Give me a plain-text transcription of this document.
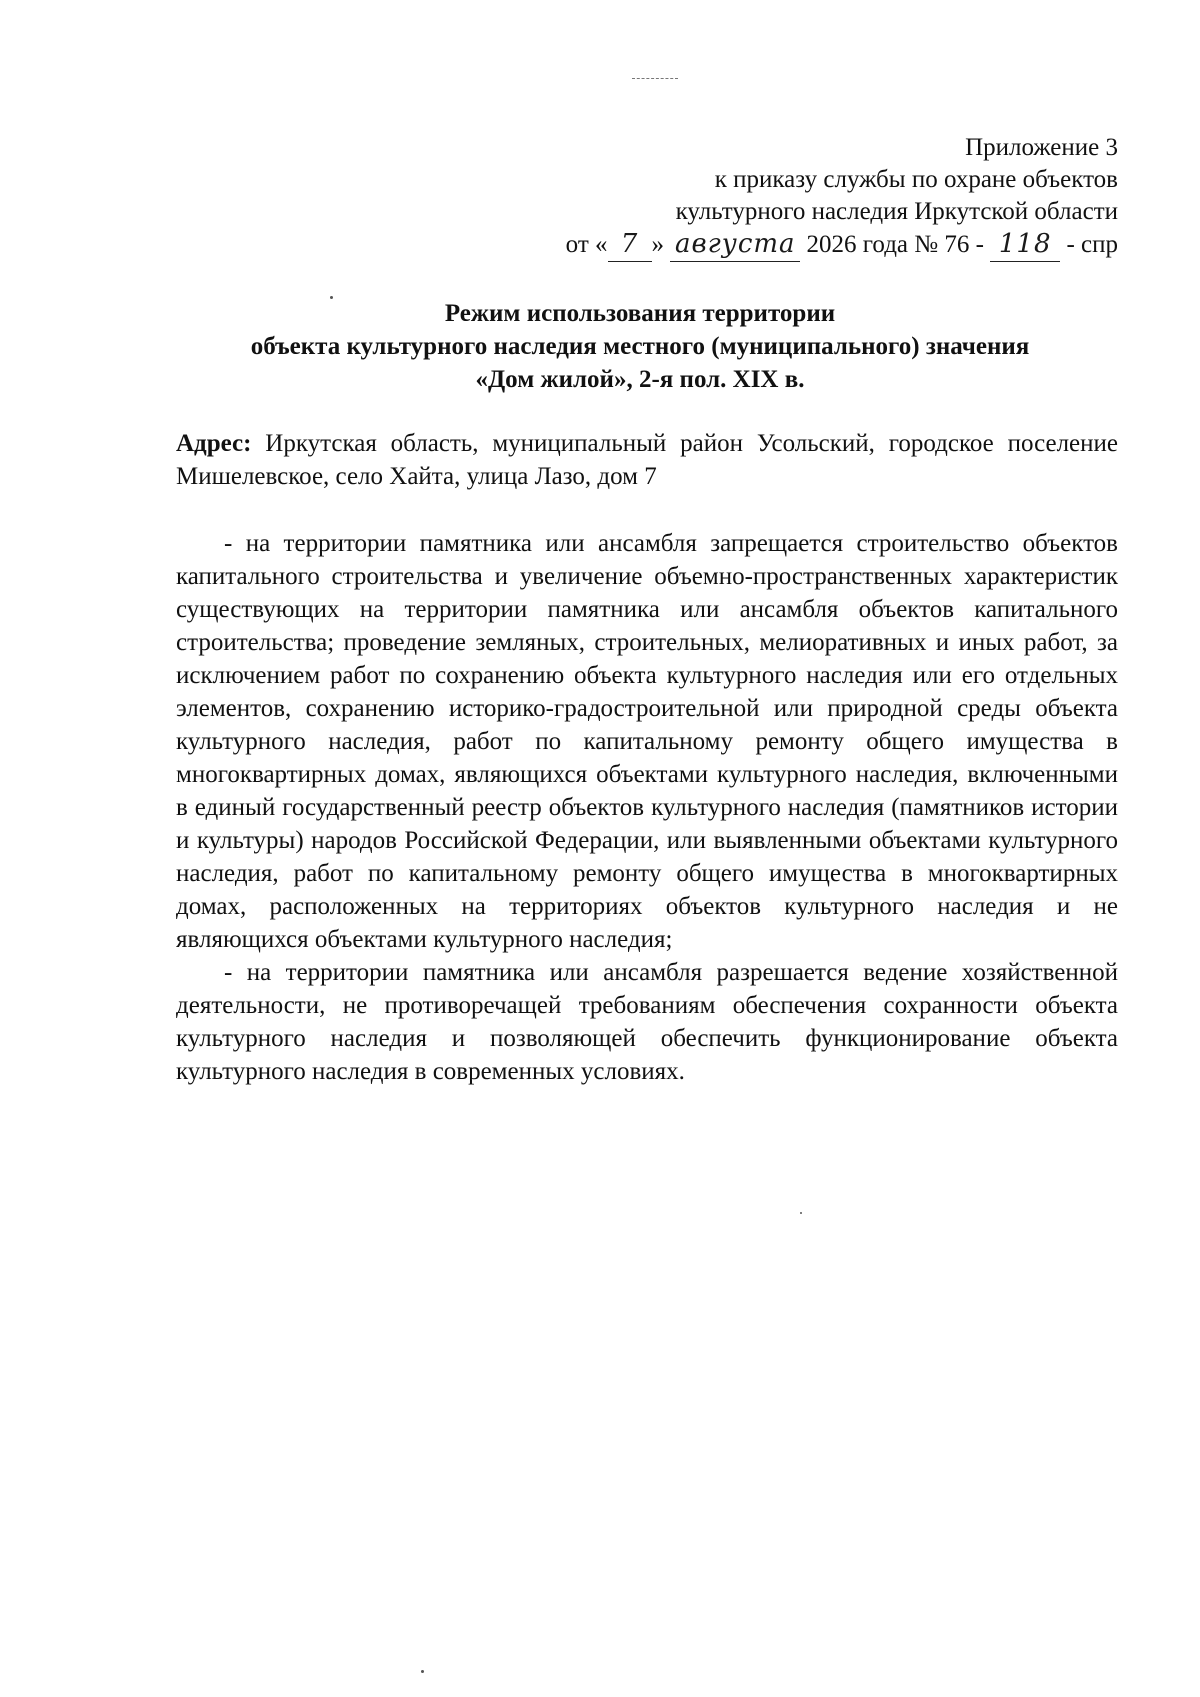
Приложение 3
к приказу службы по охране объектов
культурного наследия Иркутской области
от « 7 » августа 2026 года № 76 - 118 - спр
Режим использования территории
объекта культурного наследия местного (муниципального) значения
«Дом жилой», 2-я пол. XIX в.
Адрес: Иркутская область, муниципальный район Усольский, городское поселение Мишелевское, село Хайта, улица Лазо, дом 7

- на территории памятника или ансамбля запрещается строительство объектов капитального строительства и увеличение объемно-пространственных характеристик существующих на территории памятника или ансамбля объектов капитального строительства; проведение земляных, строительных, мелиоративных и иных работ, за исключением работ по сохранению объекта культурного наследия или его отдельных элементов, сохранению историко-градостроительной или природной среды объекта культурного наследия, работ по капитальному ремонту общего имущества в многоквартирных домах, являющихся объектами культурного наследия, включенными в единый государственный реестр объектов культурного наследия (памятников истории и культуры) народов Российской Федерации, или выявленными объектами культурного наследия, работ по капитальному ремонту общего имущества в многоквартирных домах, расположенных на территориях объектов культурного наследия и не являющихся объектами культурного наследия;

- на территории памятника или ансамбля разрешается ведение хозяйственной деятельности, не противоречащей требованиям обеспечения сохранности объекта культурного наследия и позволяющей обеспечить функционирование объекта культурного наследия в современных условиях.
